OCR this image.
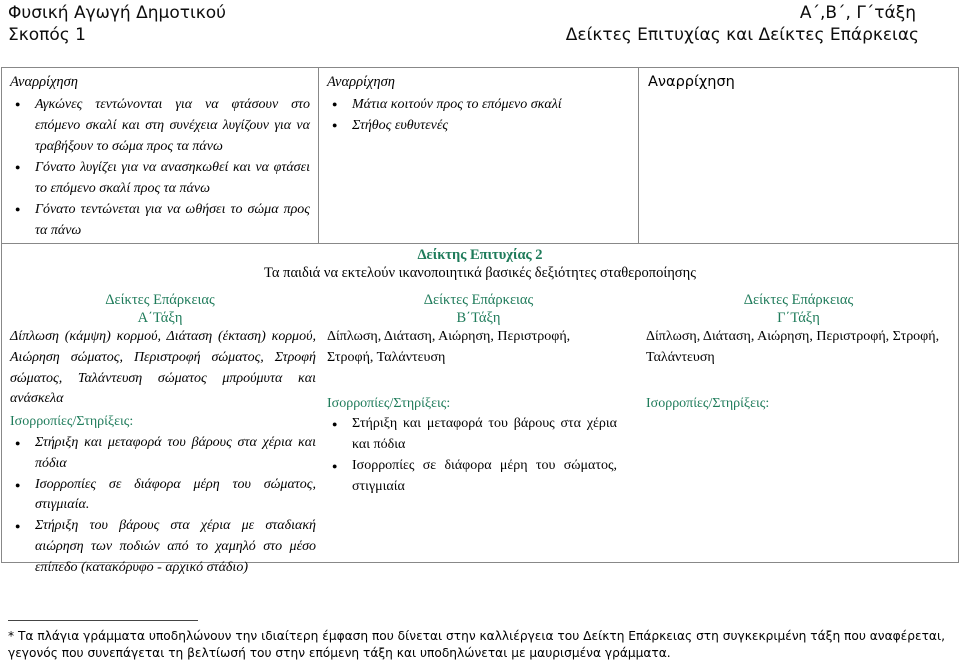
Φυσική Αγωγή Δημοτικού
Σκοπός 1
Α΄,Β΄, Γ΄τάξη
Δείκτες Επιτυχίας και Δείκτες Επάρκειας
Αναρρίχηση
● Αγκώνες τεντώνονται για να φτάσουν στο επόμενο σκαλί και στη συνέχεια λυγίζουν για να τραβήξουν το σώμα προς τα πάνω
● Γόνατο λυγίζει για να ανασηκωθεί και να φτάσει το επόμενο σκαλί προς τα πάνω
● Γόνατο τεντώνεται για να ωθήσει το σώμα προς τα πάνω
Αναρρίχηση
● Μάτια κοιτούν προς το επόμενο σκαλί
● Στήθος ευθυτενές
Αναρρίχηση
Δείκτης Επιτυχίας 2
Τα παιδιά να εκτελούν ικανοποιητικά βασικές δεξιότητες σταθεροποίησης
Δείκτες Επάρκειας
Α΄Τάξη
Δείκτες Επάρκειας
Β΄Τάξη
Δείκτες Επάρκειας
Γ΄Τάξη
Δίπλωση (κάμψη) κορμού, Διάταση (έκταση) κορμού, Αιώρηση σώματος, Περιστροφή σώματος, Στροφή σώματος, Ταλάντευση σώματος μπρούμυτα και ανάσκελα
Ισορροπίες/Στηρίξεις:
● Στήριξη και μεταφορά του βάρους στα χέρια και πόδια
● Ισορροπίες σε διάφορα μέρη του σώματος, στιγμιαία.
● Στήριξη του βάρους στα χέρια με σταδιακή αιώρηση των ποδιών από το χαμηλό στο μέσο επίπεδο (κατακόρυφο - αρχικό στάδιο)
Δίπλωση, Διάταση, Αιώρηση, Περιστροφή, Στροφή, Ταλάντευση
Ισορροπίες/Στηρίξεις:
● Στήριξη και μεταφορά του βάρους στα χέρια και πόδια
● Ισορροπίες σε διάφορα μέρη του σώματος, στιγμιαία
Δίπλωση, Διάταση, Αιώρηση, Περιστροφή, Στροφή, Ταλάντευση
Ισορροπίες/Στηρίξεις:
* Τα πλάγια γράμματα υποδηλώνουν την ιδιαίτερη έμφαση που δίνεται στην καλλιέργεια του Δείκτη Επάρκειας στη συγκεκριμένη τάξη που αναφέρεται, γεγονός που συνεπάγεται τη βελτίωσή του στην επόμενη τάξη και υποδηλώνεται με μαυρισμένα γράμματα.
